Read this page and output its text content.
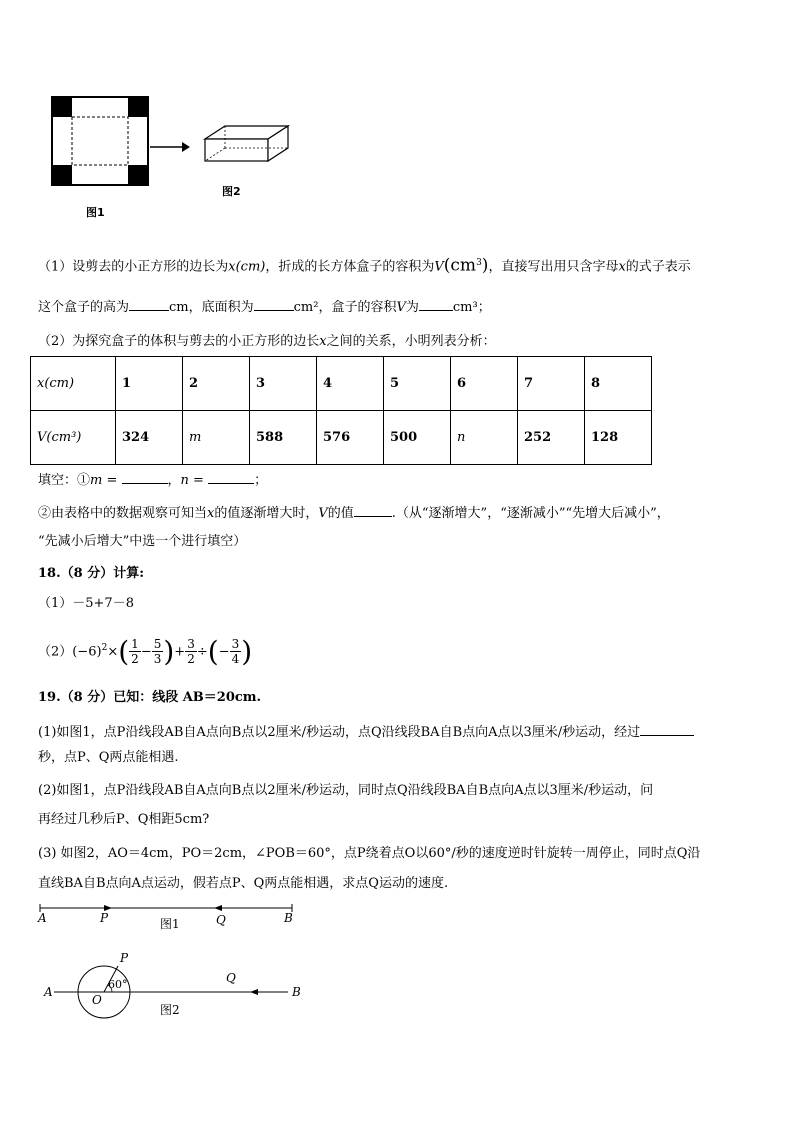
图2
图1
（1）设剪去的小正方形的边长为x(cm)，折成的长方体盒子的容积为$V(cm^3)$，直接写出用只含字母x的式子表示
这个盒子的高为	cm，底面积为	cm²，盒子的容积V为	cm³；
（2）为探究盒子的体积与剪去的小正方形的边长x之间的关系，小明列表分析：
x(cm)	1	2	3	4	5	6	7	8
V(cm³)	324	m	588	576	500	n	252	128
填空：①m =	，n =	；
②由表格中的数据观察可知当x的值逐渐增大时，V的值	.（从“逐渐增大”，“逐渐减小”“先增大后减小”，
“先减小后增大”中选一个进行填空）
18.（8 分）计算:
（1）－5+7－8
$(2)(-6)^2\times( \frac{1}{2} - \frac{5}{3}$ )+ $\frac{3}{2}$ ÷(− $\frac{3}{4}$ )
19.（8 分）已知：线段 AB＝20cm.
(1)如图1，点P沿线段AB自A点向B点以2厘米/秒运动，点Q沿线段BA自B点向A点以3厘米/秒运动，经过
秒，点P、Q两点能相遇.
(2)如图1，点P沿线段AB自A点向B点以2厘米/秒运动，同时点Q沿线段BA自B点向A点以3厘米/秒运动，问
再经过几秒后P、Q相距5cm?
(3) 如图2，AO＝4cm，PO＝2cm，∠POB＝60°，点P绕着点O以60°/秒的速度逆时针旋转一周停止，同时点Q沿
直线BA自B点向A点运动，假若点P、Q两点能相遇，求点Q运动的速度.
A	P	图1	Q	B
A
P
60°
O
Q
B
图2
